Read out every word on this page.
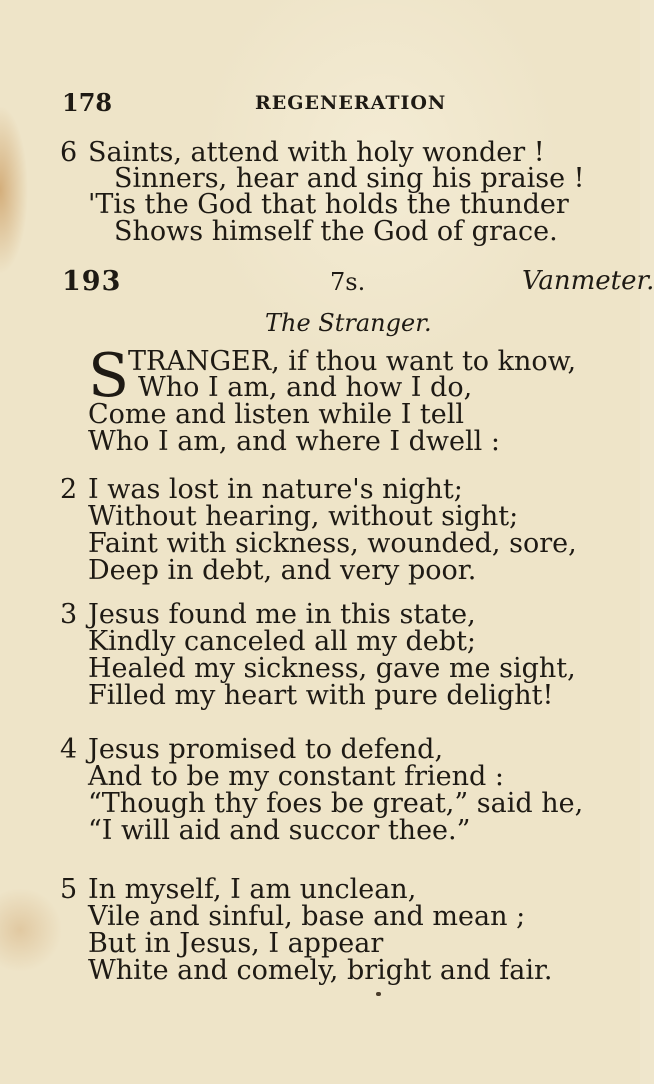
178	REGENERATION
6 Saints, attend with holy wonder !
Sinners, hear and sing his praise !
'Tis the God that holds the thunder
Shows himself the God of grace.
193	7s.	Vanmeter.
The Stranger.
S
TRANGER, if thou want to know,
Who I am, and how I do,
Come and listen while I tell
Who I am, and where I dwell :
2 I was lost in nature's night;
Without hearing, without sight;
Faint with sickness, wounded, sore,
Deep in debt, and very poor.
3 Jesus found me in this state,
Kindly canceled all my debt;
Healed my sickness, gave me sight,
Filled my heart with pure delight!
4 Jesus promised to defend,
And to be my constant friend :
“Though thy foes be great,” said he,
“I will aid and succor thee.”
5 In myself, I am unclean,
Vile and sinful, base and mean ;
But in Jesus, I appear
White and comely, bright and fair.
